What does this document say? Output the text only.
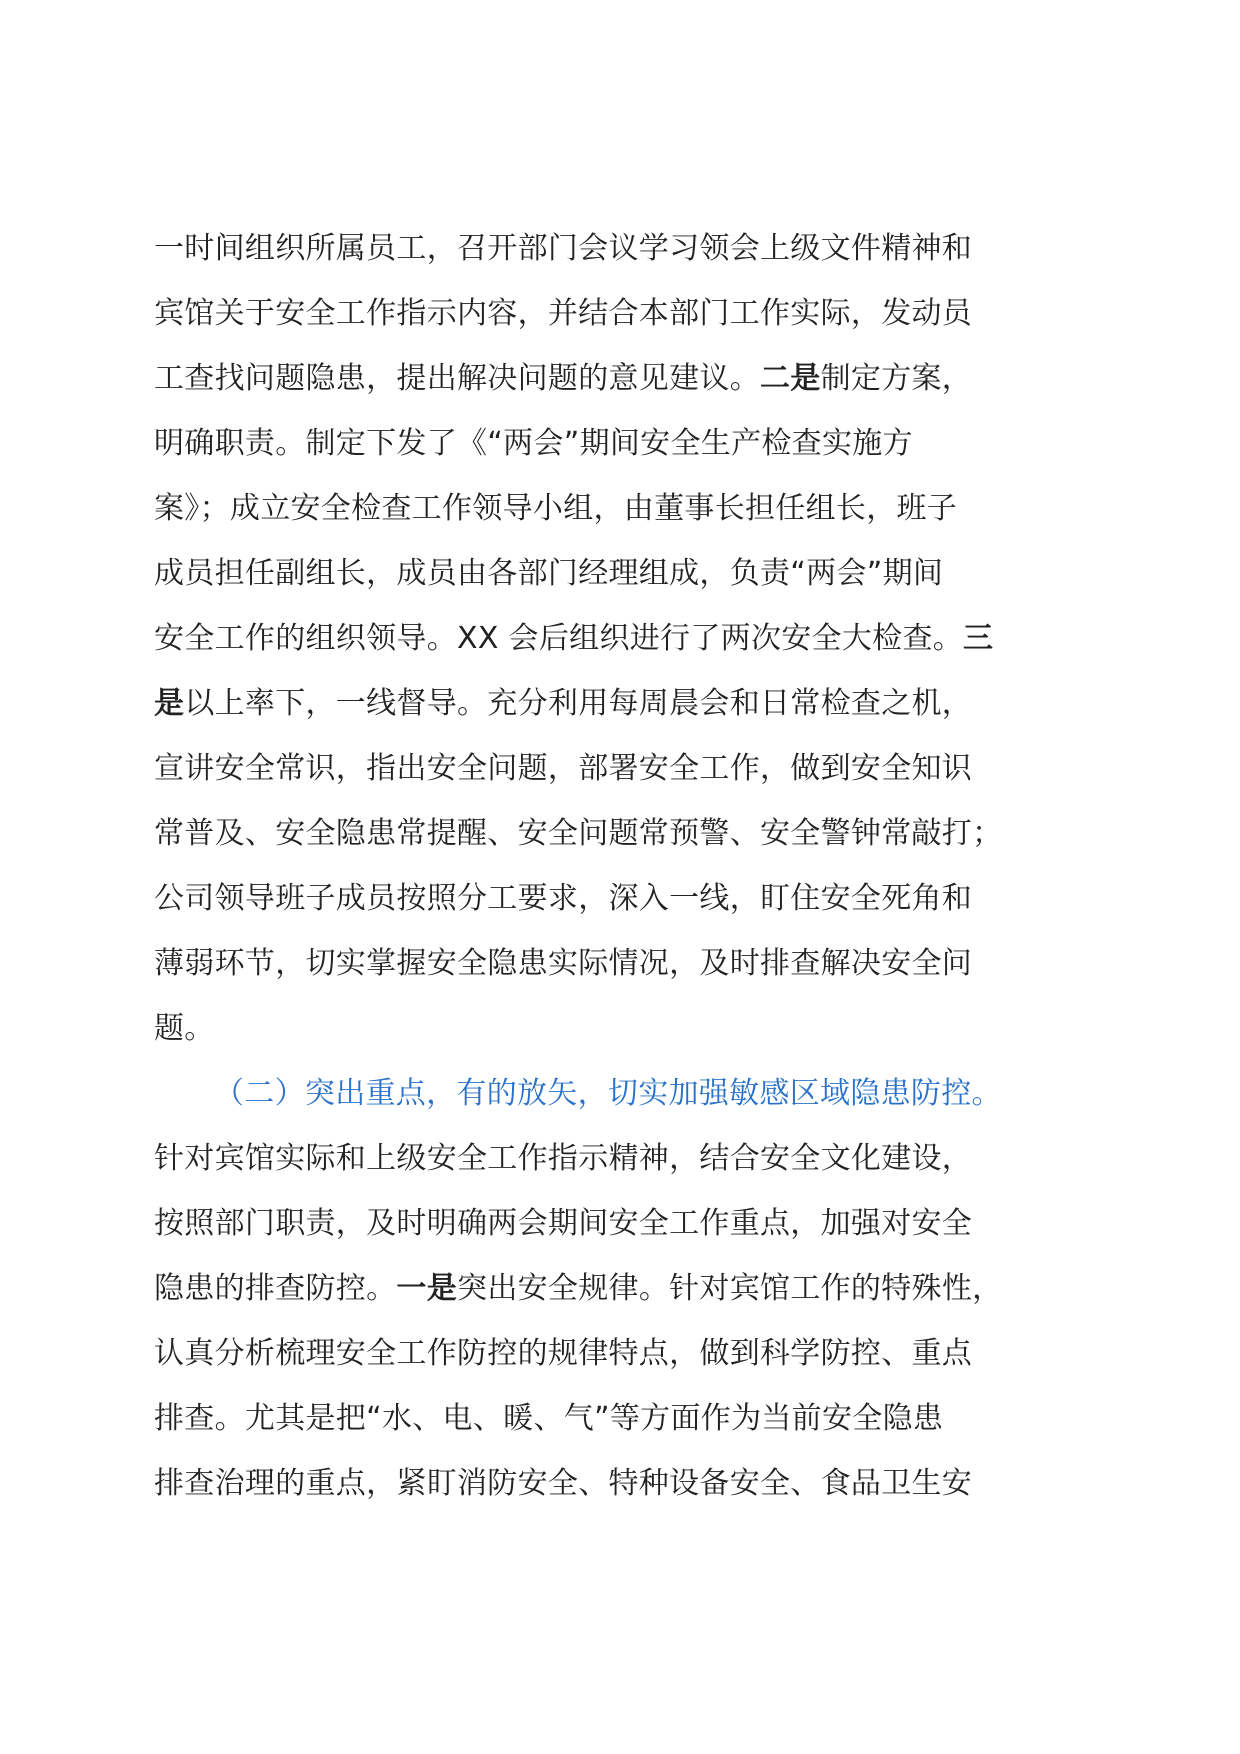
一时间组织所属员工，召开部门会议学习领会上级文件精神和
宾馆关于安全工作指示内容，并结合本部门工作实际，发动员
工查找问题隐患，提出解决问题的意见建议。二是制定方案，
明确职责。制定下发了《“两会”期间安全生产检查实施方
案》；成立安全检查工作领导小组，由董事长担任组长，班子
成员担任副组长，成员由各部门经理组成，负责“两会”期间
安全工作的组织领导。XX 会后组织进行了两次安全大检查。三
是以上率下，一线督导。充分利用每周晨会和日常检查之机，
宣讲安全常识，指出安全问题，部署安全工作，做到安全知识
常普及、安全隐患常提醒、安全问题常预警、安全警钟常敲打；
公司领导班子成员按照分工要求，深入一线，盯住安全死角和
薄弱环节，切实掌握安全隐患实际情况，及时排查解决安全问
题。
（二）突出重点，有的放矢，切实加强敏感区域隐患防控。
针对宾馆实际和上级安全工作指示精神，结合安全文化建设，
按照部门职责，及时明确两会期间安全工作重点，加强对安全
隐患的排查防控。一是突出安全规律。针对宾馆工作的特殊性，
认真分析梳理安全工作防控的规律特点，做到科学防控、重点
排查。尤其是把“水、电、暖、气”等方面作为当前安全隐患
排查治理的重点，紧盯消防安全、特种设备安全、食品卫生安
